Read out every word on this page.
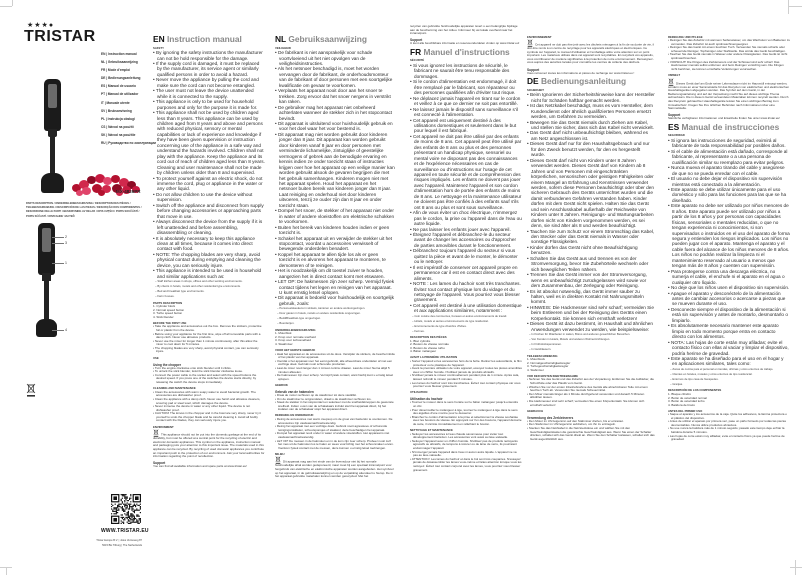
★★★●
TRISTAR
EN | Instruction manual
NL | Gebruiksaanwijzing
FR | Mode d'emploi
DE | Bedienungsanleitung
ES | Manual de usuario
PT | Manual de utilizador
IT | Manuale utente
SV | Bruksanvisning
PL | Instrukcja obsługi
CS | Návod na použití
SK | Návod na použitie
RU | Руководство по эксплуатации
MX-4826PR
PARTS DESCRIPTION / ONDERDELENBESCHRIJVING / DESCRIPTION DES PIÈCES / TEILEBESCHREIBUNG / DESCRIPCIÓN DE LAS PIEZAS / DESCRIÇÃO DOS COMPONENTES / DESCRIZIONE DELLE PARTI / BESKRIVNING AV DELAR / OPIS CZĘŚCI / POPIS SOUČÁSTÍ / POPIS SÚČASTÍ / ОПИСАНИЕ ЧАСТЕЙ
2
3
1
4
WWW.TRISTAR.EU
Tristar Europe B.V. | Jules Verneweg 87
5015 BH Tilburg | The Netherlands
EN Instruction manual
SAFETY
• By ignoring the safety instructions the manufacturer can not be hold responsible for the damage.
• If the supply cord is damaged, it must be replaced by the manufacturer, its service agent or similarly qualified persons in order to avoid a hazard.
• Never move the appliance by pulling the cord and make sure the cord can not become entangled.
• The user must not leave the device unattended while it is connected to the supply.
• This appliance is only to be used for household purposes and only for the purpose it is made for.
• This appliance shall not be used by children aged less than 8 years. This appliance can be used by children aged from 8 years and above and persons with reduced physical, sensory or mental capabilities or lack of experience and knowledge if they have been given supervision or instruction concerning use of the appliance in a safe way and understand the hazards involved. Children shall not play with the appliance. Keep the appliance and its cord out of reach of children aged less than 8 years. Cleaning and user maintenance shall not be made by children unless older than 8 and supervised.
• To protect yourself against an electric shock, do not immerse the cord, plug or appliance in the water or any other liquid.
• Do not allow children to use the device without supervision.
• Switch off the appliance and disconnect from supply before changing accessories or approaching parts that move in use.
• Always disconnect the device from the supply if it is left unattended and before assembling, disassembling or cleaning.
• It is absolutely necessary to keep this appliance clean at all times, because it comes into direct contact with food.
• NOTE: The chopping blades are very sharp, avoid physical contact during emptying and cleaning the device, you can seriously injure.
• This appliance is intended to be used in household and similar applications such as:
– Staff kitchen areas in shops, offices and other working environments.
– By clients in hotels, motels and other residential type environments.
– Bed and breakfast type environments.
– Farm houses.
PARTS DESCRIPTION
1. Cylinder block
2. Normal speed button
3. Turbo speed button
4. Stick blender
BEFORE THE FIRST USE
• Take the appliance and accessories out the box. Remove the stickers, protective foil or plastic from the device.
• Before using your appliance for the first time, wipe off all removable parts with a damp cloth. Never use abrasive products.
• Never use the mixer for longer than 1 minute continuously, after this allow the mixer to cool down for 5 minutes.
• The chopping blades are very sharp, avoid physical contact, you can seriously injure.
USE
Using the chopper
• Turn the engine clockwise onto stick blender until it clicks.
• To unlock the stick blender, twist the stick blender clockwise loose.
• Connect the power cable to the socket and select with the speed buttons the desired speed. If you press one of the switches the device starts directly, by releasing the switch the device stops immediately.
CLEANING AND MAINTENANCE
• Clean the accessories with warm soapy water to avoid bacterial growth. The accessories are dishwasher proof.
• Clean the appliance with a damp cloth. Never use harsh and abrasive cleaners, scouring pad or steel wool, which damages the device.
• Never immerse the device in water or any other liquid. The device is not dishwasher proof.
• CAUTION! The knives in the chopper and in the bowl are very sharp, never try it yourself to undo the chopper blade and be careful cleaning it. Avoid all bodily contact with the blades, they can seriously injure you.
ENVIRONMENT

This appliance should not be put into the domestic garbage at the end of its durability, but must be offered at a central point for the recycling of electric and electronic domestic appliances. This symbol on the appliance, instruction manual and packaging puts your attention to this important issue. The materials used in this appliance can be recycled. By recycling of used domestic appliances you contribute an important push to the protection of our environment. Ask your local authorities for information regarding the point of recollection.

Support

You can find all available information and spare parts at www.tristar.eu!

NL Gebruiksaanwijzing
VEILIGHEID
• De fabrikant is niet aansprakelijk voor schade voortvloeiend uit het niet opvolgen van de veiligheidsinstructies.
• Als het netsnoer beschadigd is, moet het worden vervangen door de fabrikant, de onderhoudsmonteur van de fabrikant of door personen met een soortgelijke kwalificatie om gevaar te voorkomen.
• Verplaats het apparaat nooit door aan het snoer te trekken. Zorg ervoor dat het snoer nergens in verstrikt kan raken.
• De gebruiker mag het apparaat niet onbeheerd achterlaten wanneer de stekker zich in het stopcontact bevindt.
• Dit apparaat is uitsluitend voor huishoudelijk gebruik en voor het doel waar het voor bestemd is.
• Dit apparaat mag niet worden gebruikt door kinderen jonger dan 8 jaar. Dit apparaat kan worden gebruikt door kinderen vanaf 8 jaar en door personen met verminderde lichamelijke, zintuiglijke of geestelijke vermogens of gebrek aan de benodigde ervaring en kennis indien ze onder toezicht staan of instructies krijgen over hoe het apparaat op een veilige manier kan worden gebruikt alsook de gevaren begrijpen die met het gebruik samenhangen. Kinderen mogen niet met het apparaat spelen. Houd het apparaat en het netsnoer buiten bereik van kinderen jonger dan 8 jaar. Laat reiniging en onderhoud niet door kinderen uitvoeren, tenzij ze ouder zijn dan 8 jaar en onder toezicht staan.
• Dompel het snoer, de stekker of het apparaat niet onder in water of andere vloeistoffen om elektrische schokken te voorkomen.
• Buiten het bereik van kinderen houden indien er geen toezicht is.
• Schakel het apparaat uit en verwijder de stekker uit het stopcontact, voordat u accessoires verwisselt of bewegende onderdelen benadert.
• Koppel het apparaat te allen tijde los als er geen toezicht is en alvorens het apparaat te monteren, te demonteren of te reinigen.
• Het is noodzakelijk om dit toestel zuiver te houden, aangezien het in direct contact komt met etswaren.
• LET OP: De hakmessen zijn zeer scherp. Vermijd fysiek contact tijdens het legen en reinigen van het apparaat. U kunt ernstig letsel oplopen.
• Dit apparaat is bedoeld voor huishoudelijk en soortgelijk gebruik, zoals:
– Personeelskeukens in winkels, kantoren en andere werkomgevingen.
– Door gasten in hotels, motels en andere residentiële omgevingen.
– Bed&Breakfast-type omgevingen.
– Boerderijen.
ONDERDELENBESCHRIJVING
1. Motorblok
2. Knop voor normale snelheid
3. Knop voor turbosnelheid
4. Staafmixer
VOOR HET EERSTE GEBRUIK
• Haal het apparaat en de accessoires uit de doos. Verwijder de stickers, de beschermfolie of het plastic van het apparaat.
• Voordat u het apparaat voor het eerst gebruikt, alle afneembare onderdelen af met een vochtige doek. Gebruik nooit schurende producten.
• Laat de mixer nooit langer dan 1 minuut continu draaien. Laat de mixer hierna altijd 5 minuten afkoelen.
• De hakmessen zijn zeer scherp. Vermijd fysiek contact, want hierbij kunt u ernstig letsel oplopen.
GEBRUIK
Gebruik van de hakmolen
• Draai de motor rechtsom op de staafmixer tot deze vastklikt.
• Om de staafmixer te ontgrendelen, draait u de staafmixer rechtsom los.
• Steek de stekker in het stopcontact en selecteer met de snelheidsknoppen de gewenste snelheid. Indien u één van de schakelaars indrukt start het apparaat direct, bij het loslaten van de schakelaar stopt het apparaat direct.
REINIGING EN ONDERHOUD
• Reinig de accessoires met warm zeepsop om de groei van bacteriën te voorkomen. De accessoires zijn vaatwasmachinebestendig.
• Reinig het apparaat met een vochtige doek. Gebruik nooit agressieve of schurende reinigingsmiddelen, schuursponsjes of staalwol, deze beschadigen het apparaat.
• Dompel het apparaat nooit onder in water of andere vloeistoffen. Het apparaat is niet vaatwasmachinebestendig.
• LET OP! De messen in de hakmolen en in de kom zijn zeer scherp. Probeer nooit zelf het mes uit de hakmolen los te halen en wees voorzichtig met het schoonmaken ervan. Voorkom fysiek contact met de messen, deze kunnen u ernstig letsel toebrengen.
MILIEU

Dit apparaat mag aan het einde van de levensduur niet bij het normale huishoudelijke afval worden gedeponeerd, maar moet bij een speciaal inzamelpunt voor hergebruik van elektrische en elektronische apparaten worden aangeboden. Het symbool op het apparaat, in de gebruiksaanwijzing en op de verpakking attendeert u hierop. De in het apparaat gebruikte materialen kunnen worden gerecycled. Met het

recyclen van gebruikte huishoudelijke apparaten levert u een belangrijke bijdrage aan de bescherming van het milieu. Informeer bij uw lokale overheid naar het inzamelpunt.

Support

U kunt alle beschikbare informatie en reserveonderdelen vinden op www.tristar.eu!

FR Manuel d'instructions
SÉCURITÉ
• Si vous ignorez les instructions de sécurité, le fabricant ne saurait être tenu responsable des dommages.
• Si le cordon d'alimentation est endommagé, il doit être remplacé par le fabricant, son réparateur ou des personnes qualifiées afin d'éviter tout risque.
• Ne déplacez jamais l'appareil en tirant sur le cordon et veillez à ce que ce dernier ne soit pas entortillé.
• Ne laissez jamais le dispositif sans surveillance s'il est connecté à l'alimentation.
• Cet appareil est uniquement destiné à des utilisations domestiques et seulement dans le but pour lequel il est fabriqué.
• Cet appareil ne doit pas être utilisé par des enfants de moins de 8 ans. Cet appareil peut être utilisé par des enfants de 8 ans ou plus et des personnes présentant un handicap physique, sensoriel ou mental voire ne disposant pas des connaissances et de l'expérience nécessaires en cas de surveillance ou d'instructions sur l'usage de cet appareil en toute sécurité et de compréhension des risques impliqués. Les enfants ne doivent pas jouer avec l'appareil. Maintenez l'appareil et son cordon d'alimentation hors de portée des enfants de moins de 8 ans. Le nettoyage et la maintenance utilisateur ne doivent pas être confiés à des enfants sauf s'ils ont 8 ans ou plus et sont sous surveillance.
• Afin de vous éviter un choc électrique, n'immergez pas le cordon, la prise ou l'appareil dans de l'eau ou autre liquide.
• Ne pas laisser les enfants jouer avec l'appareil.
• Éteignez l'appareil et débranchez-le du secteur avant de changer les accessoires ou d'approcher de parties amovibles durant le fonctionnement.
• Débranchez toujours l'appareil du secteur si vous quittez la pièce et avant de le monter, le démonter ou le nettoyer.
• Il est impératif de conserver cet appareil propre en permanence car il est en contact direct avec des aliments.
• NOTE : Les lames du hachoir sont très tranchantes. Évitez tout contact physique lors du vidage et du nettoyage de l'appareil. Vous pourriez vous blesser gravement.
• Cet appareil est destiné à une utilisation domestique et aux applications similaires, notamment :
– Coin cuisine des commerces, bureaux et autres environnements de travail.
– Hôtels, motels et autres environnements de type résidentiel.
– Environnements de type chambre d'hôtes.
– Fermes.
DESCRIPTION DES PIÈCES
1. Bloc cylindre
2. Bouton de vitesse normale
3. Bouton de vitesse turbo
4. Bâton mélangeur
AVANT LA PREMIÈRE UTILISATION
• Sortez l'appareil et les accessoires hors de la boîte. Retirez les autocollants, le film protecteur ou le plastique de l'appareil.
• Avant la première utilisation de votre appareil, essuyez toutes les pièces amovibles avec un chiffon humide. N'utilisez jamais de produits abrasifs.
• N'utilisez jamais le mixeur continuellement pendant plus de 1 minute. Après cela, laissez refroidir le mixeur pendant 5 minutes.
• Les lames du hachoir sont très tranchantes. Évitez tout contact physique car vous pourriez vous blesser gravement.
UTILISATION
Utilisation du hachoir
• Tournez le moteur dans le sens horaire sur le bâton mélangeur jusqu'à entendre un clic.
• Pour déverrouiller le mélangeur à tige, tournez le mélangeur à tige dans le sens des aiguilles d'une montre pour le desserrer.
• Branchez le cordon d'alimentation à la prise et sélectionnez la vitesse souhaitée avec les boutons de vitesse. En appuyant sur l'un des boutons, l'appareil démarre de suite, il s'arrête immédiatement en relâchant le bouton.
NETTOYAGE ET MAINTENANCE
• Nettoyez les accessoires à l'eau chaude savonneuse pour éviter tout développement bactérien. Les accessoires vont aussi au lave-vaisselle.
• Nettoyez l'appareil avec un chiffon humide. N'utilisez pas de produits nettoyants agressifs ou abrasifs, de tampons à récurer ou de laine de verre, ils pourraient endommager l'appareil.
• N'immergez jamais l'appareil dans l'eau ni aucun autre liquide. L'appareil ne va pas au lave-vaisselle.
• ATTENTION ! Les lames du hachoir et dans le bol sont très coupantes. N'essayez jamais de désassembler les lames vous-même et faites attention lorsque vous les nettoyez. Évitez tout contact corporel avec les lames, vous pourriez vous blesser gravement.
ENVIRONNEMENT

Cet appareil ne doit pas être jeté avec les déchets ménagers à la fin de sa durée de vie, il doit être remis à un centre de recyclage pour les appareils électriques et électroniques. Ce symbole sur l'appareil, le manuel d'utilisation et l'emballage attire votre attention sur un point important. Les matériaux utilisés dans cet appareil sont recyclables. En recyclant vos appareils, vous contribuerez de manière significative à la protection de notre environnement. Renseignez-vous auprès des autorités locales pour connaître les centres de collecte des déchets.

Support

Vous retrouvez toutes les informations et pièces de rechange sur www.tristar.eu !

DE Bedienungsanleitung
SICHERHEIT
• Beim Ignorieren der Sicherheitshinweise kann der Hersteller nicht für Schäden haftbar gemacht werden.
• Ist das Netzkabel beschädigt, muss es vom Hersteller, dem Kundendienst oder ähnlich qualifizierten Personen ersetzt werden, um Gefahren zu vermeiden.
• Bewegen Sie das Gerät niemals durch Ziehen am Kabel, und stellen Sie sicher, dass sich das Kabel nicht verwickelt.
• Das Gerät darf nicht unbeaufsichtigt bleiben, während es am Netz angeschlossen ist.
• Dieses Gerät darf nur für den Haushaltsgebrauch und nur für den Zweck benutzt werden, für den es hergestellt wurde.
• Dieses Gerät darf nicht von Kindern unter 8 Jahren verwendet werden. Dieses Gerät darf von Kindern ab 8 Jahren und von Personen mit eingeschränkten körperlichen, sensorischen oder geistigen Fähigkeiten oder einem Mangel an Erfahrung und Kenntnissen verwendet werden, sofern diese Personen beaufsichtigt oder über den sicheren Gebrauch des Geräts unterrichtet wurden und die damit verbundenen Gefahren verstanden haben. Kinder dürfen mit dem Gerät nicht spielen. Halten Sie das Gerät und sein Anschlusskabel außerhalb der Reichweite von Kindern unter 8 Jahren. Reinigungs- und Wartungsarbeiten dürfen nicht von Kindern vorgenommen werden, es sei denn, sie sind älter als 8 und werden beaufsichtigt.
• Tauchen Sie zum Schutz vor einem Stromschlag das Kabel, den Stecker oder das Gerät niemals in Wasser oder sonstige Flüssigkeiten.
• Kinder dürfen das Gerät nicht ohne Beaufsichtigung benutzen.
• Schalten Sie das Gerät aus und trennen es von der Stromversorgung, bevor Sie Zubehörteile wechseln oder sich beweglichen Teilen nähern.
• Trennen Sie das Gerät immer von der Stromversorgung, wenn es unbeaufsichtigt zurückgelassen wird sowie vor dem Zusammenbau, der Zerlegung oder Reinigung.
• Es ist absolut notwendig, das Gerät immer sauber zu halten, weil es in direkten Kontakt mit Nahrungsmitteln kommt.
• HINWEIS: Die Hackmesser sind sehr scharf; vermeiden Sie beim Entleeren und bei der Reinigung des Geräts einen Körperkontakt. Sie können sich ernsthaft verletzen!
• Dieses Gerät ist dazu bestimmt, im Haushalt und ähnlichen Anwendungen verwendet zu werden, wie beispielsweise:
– In Küchen für Mitarbeiter in Läden, Büros und anderen gewerblichen Bereichen.
– Von Kunden in Hotels, Motels und anderen Wohneinrichtungen.
– In Frühstückspensionen.
– In Gutshäusern.
TEILEBESCHREIBUNG
1. Motorblock
2. Normalgeschwindigkeitsregler
3. Turbogeschwindigkeitsregler
4. Stabmixer
VOR DER ERSTEN INBETRIEBNAHME
• Nehmen Sie das Gerät und das Zubehör aus der Verpackung. Entfernen Sie die Aufkleber, die Schutzfolie oder das Plastik vom Gerät.
• Wischen Sie vor der ersten Inbetriebnahme des Geräts alle abnehmbaren Teile mit einem feuchten Tuch ab. Verwenden Sie niemals Scheuermittel.
• Den Mixer niemals länger als 1 Minute durchgehend verwenden und danach 5 Minuten abkühlen lassen.
• Die Hackmesser sind sehr scharf; vermeiden Sie einen Körperkontakt. Sie können sich ernsthaft verletzen!
GEBRAUCH
Verwendung des Zerkleinerers
• Den Motor im Uhrzeigersinn auf den Stabmixer drehen, bis er einrastet.
• Den Stabmixer im Uhrzeigersinn aufdrehen, um ihn zu entriegeln.
• Stecken Sie das Netzkabel in die Netzsteckdose ein und wählen Sie mit den Geschwindigkeitstasten die gewünschte Geschwindigkeit aus. Wenn Sie einen der Schalter drücken, schaltet sich das Gerät direkt an. Wenn Sie den Schalter loslassen, schaltet sich das Gerät augenblicklich aus.
REINIGUNG UND PFLEGE
• Reinigen Sie das Zubehör mit warmem Seifenwasser, um das Wachstum von Bakterien zu vermeiden. Das Zubehör ist auch spülmaschinengeeignet.
• Reinigen Sie das Gerät mit einem feuchten Tuch. Verwenden Sie niemals scharfe oder scheuernde Reiniger, Topfreiniger oder Stahlwolle. Das würde das Gerät beschädigen.
• Tauchen Sie das Gerät niemals in Wasser oder andere Flüssigkeiten. Das Gerät ist nicht spülmaschinenfest.
• VORSICHT! Die Klingen des Zerkleinerers und der Schüssel sind sehr scharf. Das Hackmesser niemals selbst entfernen und beim Reinigen vorsichtig sein. Die Klingen nicht berühren, sie können ernsthafte Verletzungen verursachen.
UMWELT

Dieses Gerät darf am Ende seiner Lebensdauer nicht im Hausmüll entsorgt werden, sondern muss an einer Sammelstelle für das Recyclen von elektrischen und elektronischen Haushaltsgeräten abgegeben werden. Das Symbol auf dem Gerät, in der Bedienungsanleitung und auf der Verpackung macht Sie auf dieses wichtige Thema aufmerksam. Die in diesem Gerät verwendeten Materialien können recycelt werden. Durch das Recyceln gebrauchter Haushaltsgeräte leisten Sie einen wichtigen Beitrag zum Umweltschutz. Fragen Sie Ihre örtlichen Behörden nach Informationen über eine Sammelstelle.

Support

Sämtliche verfügbaren Informationen und Ersatzteile finden Sie unter www.tristar.eu!

ES Manual de instrucciones
SEGURIDAD
• Si ignora las instrucciones de seguridad, eximirá al fabricante de toda responsabilidad por posibles daños.
• Si el cable de alimentación está dañado, corresponde al fabricante, al representante o a una persona de cualificación similar su reemplazo para evitar peligros.
• Nunca mueva el aparato tirando del cable y asegúrese de que no se pueda enredar con el cable.
• El usuario no debe dejar el dispositivo sin supervisión mientras está conectado a la alimentación.
• Este aparato se debe utilizar únicamente para el uso doméstico y sólo para las funciones para las que se ha diseñado.
• Este aparato no debe ser utilizado por niños menores de 8 años. Este aparato puede ser utilizado por niños a partir de los 8 años y por personas con capacidades físicas, sensoriales o mentales reducidas, o que no tengan experiencia ni conocimientos, si son supervisados o instruidos en el uso del aparato de forma segura y entienden los riesgos implicados. Los niños no pueden jugar con el aparato. Mantenga el aparato y el cable fuera del alcance de los niños menores de 8 años. Los niños no podrán realizar la limpieza ni el mantenimiento reservado al usuario a menos que tengan más de 8 años y cuenten con supervisión.
• Para protegerse contra una descarga eléctrica, no sumerja el cable, el enchufe ni el aparato en el agua o cualquier otro líquido.
• No deje que los niños usen el dispositivo sin supervisión.
• Apague el aparato y desconéctelo de la alimentación antes de cambiar accesorios o acercarse a piezas que se mueven durante el uso.
• Desconecte siempre el dispositivo de la alimentación si está sin supervisión y antes de montarlo, desmontarlo o limpiarlo.
• Es absolutamente necesario mantener este aparato limpio en todo momento porque entra en contacto directo con los alimentos.
• NOTA: Las hojas de corte están muy afiladas; evite el contacto físico con ellas al vaciar y limpiar el dispositivo, podría herirse de gravedad.
• Este aparato se ha diseñado para el uso en el hogar y en aplicaciones similares, tales como:
– Zonas de cocina para el personal en tiendas, oficinas y otros entornos de trabajo.
– Clientes en hoteles, moteles y otros entornos de tipo residencial.
– Entornos de tipo casa de huéspedes.
– Granjas.
DESCRIPCIÓN DE LOS COMPONENTES
1. Bloque cilindro
2. Botón de velocidad normal
3. Botón de velocidad turbo
4. Batidora de brazo
ANTES DEL PRIMER USO
• Saque el aparato y los accesorios de la caja. Quite los adhesivos, la lámina protectora o el plástico del dispositivo.
• Antes de utilizar el aparato por primera vez, pase un paño húmedo por todas las piezas desmontables. Nunca utilice productos abrasivos.
• No use nunca la batidora más de 1 minuto seguido; pasado este tiempo deje enfriar la batidora durante 5 minutos.
• Las hojas de corte están muy afiladas; evite el contacto físico ya que puede herirse de gravedad.
